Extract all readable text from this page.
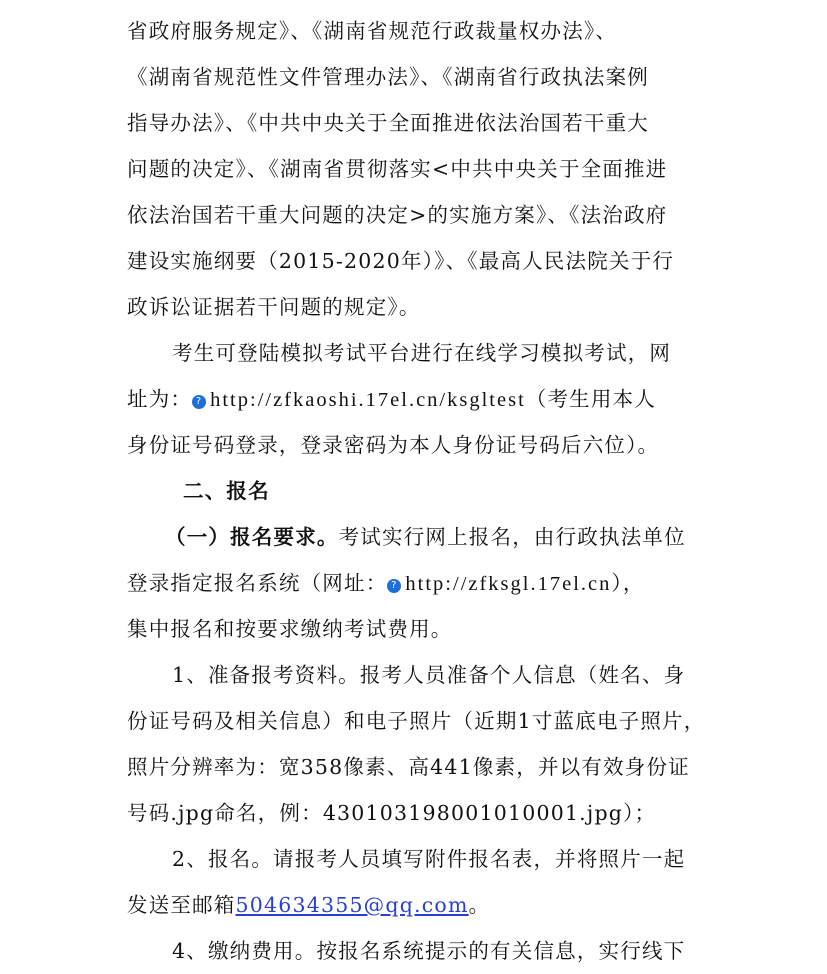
省政府服务规定》、《湖南省规范行政裁量权办法》、
《湖南省规范性文件管理办法》、《湖南省行政执法案例
指导办法》、《中共中央关于全面推进依法治国若干重大
问题的决定》、《湖南省贯彻落实<中共中央关于全面推进
依法治国若干重大问题的决定>的实施方案》、《法治政府
建设实施纲要（2015-2020年）》、《最高人民法院关于行
政诉讼证据若干问题的规定》。
考生可登陆模拟考试平台进行在线学习模拟考试，网
址为： ? http://zfkaoshi.17el.cn/ksgltest（考生用本人
身份证号码登录，登录密码为本人身份证号码后六位）。
二、报名
（一）报名要求。考试实行网上报名，由行政执法单位
登录指定报名系统（网址： ? http://zfksgl.17el.cn），
集中报名和按要求缴纳考试费用。
1、准备报考资料。报考人员准备个人信息（姓名、身
份证号码及相关信息）和电子照片（近期1寸蓝底电子照片，
照片分辨率为：宽358像素、高441像素，并以有效身份证
号码.jpg命名，例：430103198001010001.jpg）；
2、报名。请报考人员填写附件报名表，并将照片一起
发送至邮箱504634355@qq.com。
4、缴纳费用。按报名系统提示的有关信息，实行线下
